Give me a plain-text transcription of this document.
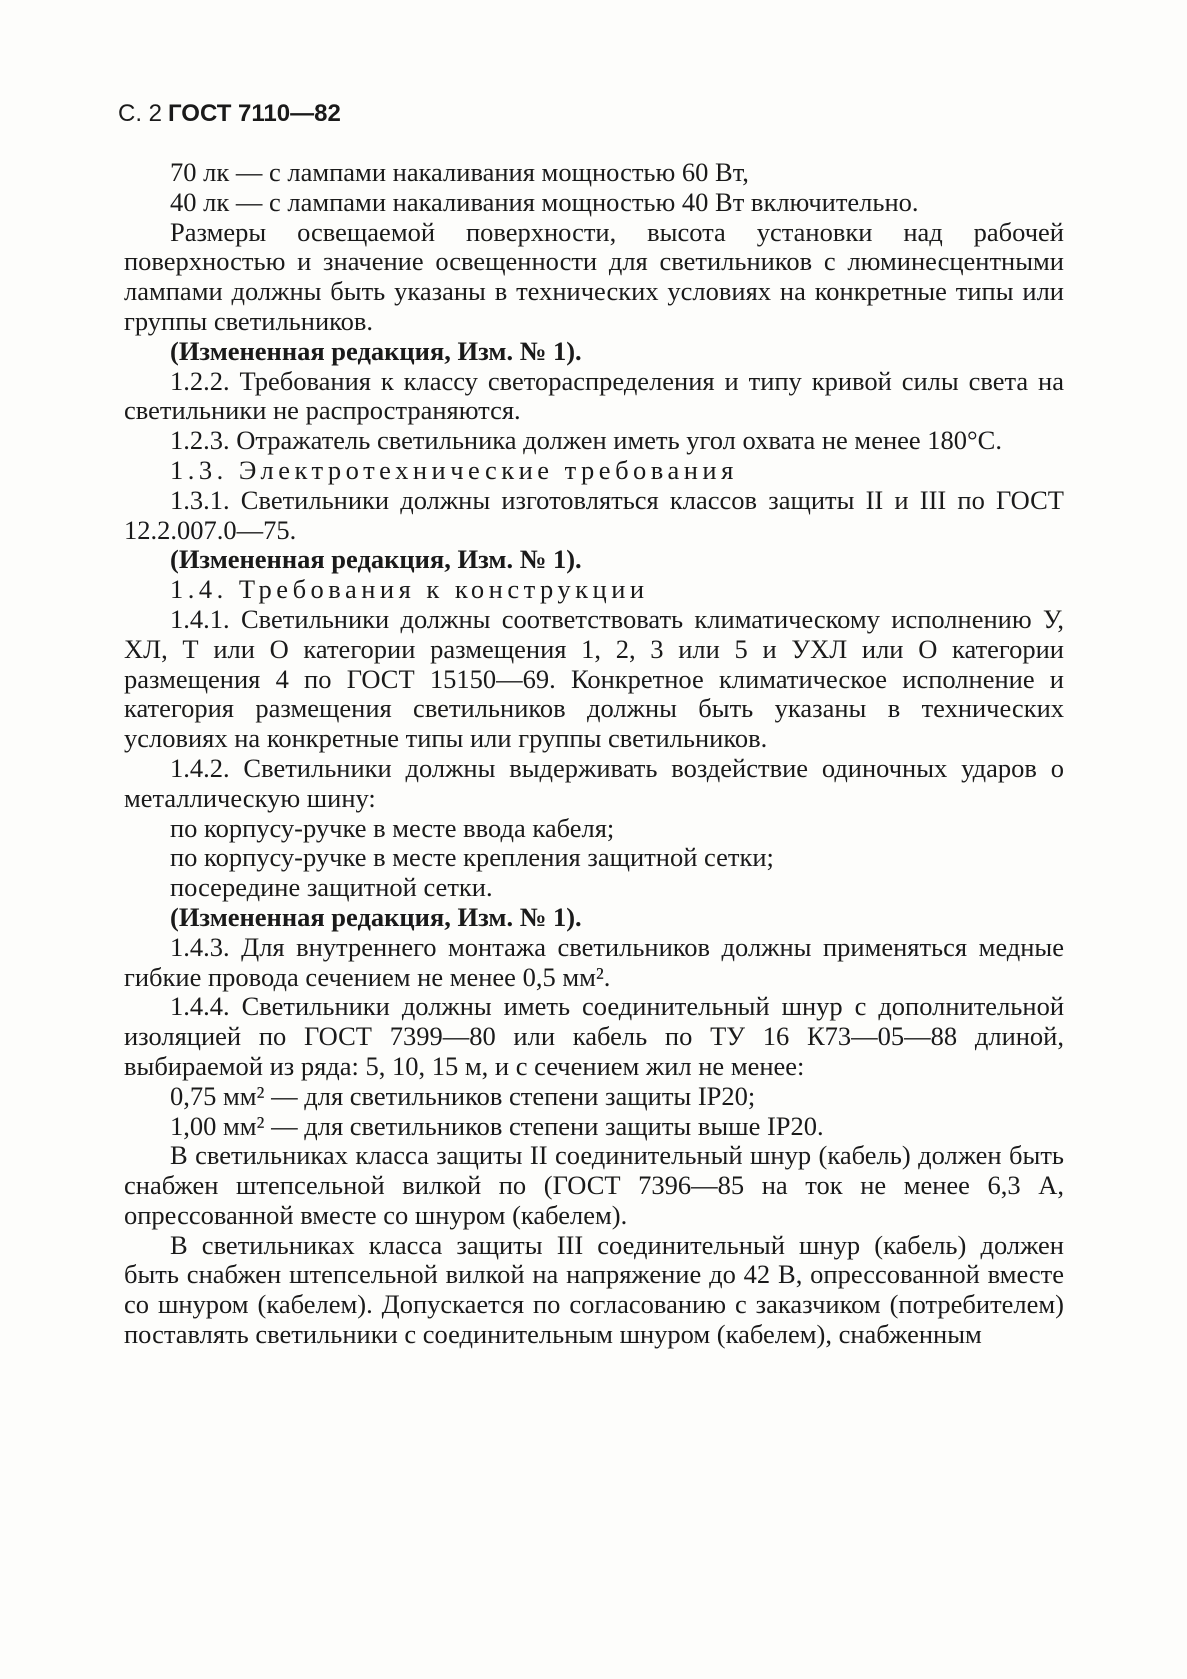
С. 2 ГОСТ 7110—82

70 лк — с лампами накаливания мощностью 60 Вт,

40 лк — с лампами накаливания мощностью 40 Вт включительно.

Размеры освещаемой поверхности, высота установки над рабочей поверхностью и значение освещенности для светильников с люминесцентными лампами должны быть указаны в технических условиях на конкретные типы или группы светильников.

(Измененная редакция, Изм. № 1).

1.2.2. Требования к классу светораспределения и типу кривой силы света на светильники не распространяются.

1.2.3. Отражатель светильника должен иметь угол охвата не менее 180°С.

1.3. Электротехнические требования

1.3.1. Светильники должны изготовляться классов защиты II и III по ГОСТ 12.2.007.0—75.

(Измененная редакция, Изм. № 1).

1.4. Требования к конструкции

1.4.1. Светильники должны соответствовать климатическому исполнению У, ХЛ, Т или О категории размещения 1, 2, 3 или 5 и УХЛ или О категории размещения 4 по ГОСТ 15150—69. Конкретное климатическое исполнение и категория размещения светильников должны быть указаны в технических условиях на конкретные типы или группы светильников.

1.4.2. Светильники должны выдерживать воздействие одиночных ударов о металлическую шину:

по корпусу-ручке в месте ввода кабеля;

по корпусу-ручке в месте крепления защитной сетки;

посередине защитной сетки.

(Измененная редакция, Изм. № 1).

1.4.3. Для внутреннего монтажа светильников должны применяться медные гибкие провода сечением не менее 0,5 мм².

1.4.4. Светильники должны иметь соединительный шнур с дополнительной изоляцией по ГОСТ 7399—80 или кабель по ТУ 16 К73—05—88 длиной, выбираемой из ряда: 5, 10, 15 м, и с сечением жил не менее:

0,75 мм² — для светильников степени защиты IP20;

1,00 мм² — для светильников степени защиты выше IP20.

В светильниках класса защиты II соединительный шнур (кабель) должен быть снабжен штепсельной вилкой по (ГОСТ 7396—85 на ток не менее 6,3 А, опрессованной вместе со шнуром (кабелем).

В светильниках класса защиты III соединительный шнур (кабель) должен быть снабжен штепсельной вилкой на напряжение до 42 В, опрессованной вместе со шнуром (кабелем). Допускается по согласованию с заказчиком (потребителем) поставлять светильники с соединительным шнуром (кабелем), снабженным
